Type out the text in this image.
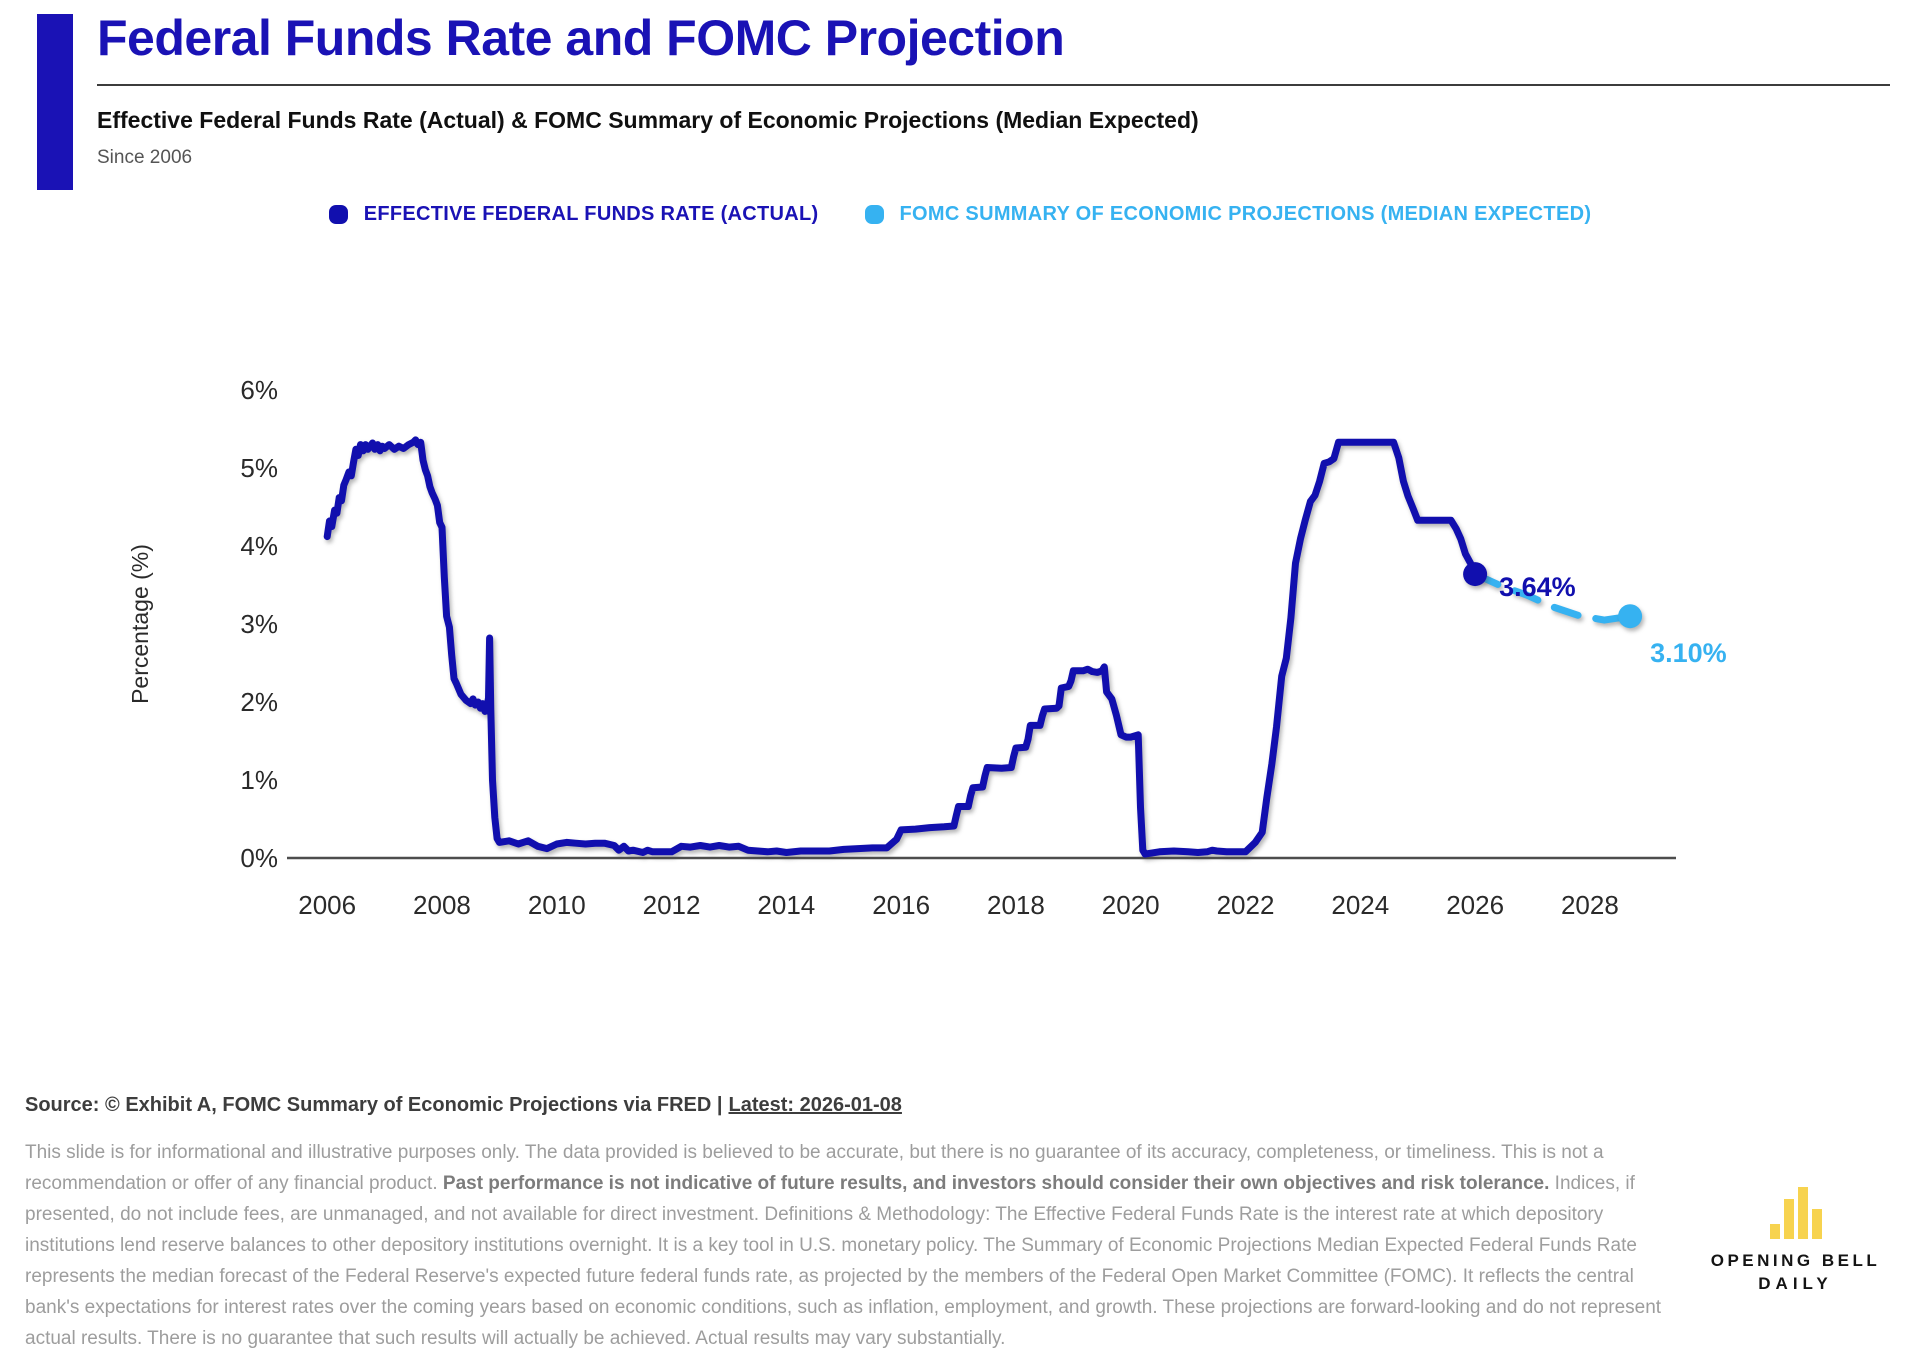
Federal Funds Rate and FOMC Projection
Effective Federal Funds Rate (Actual) & FOMC Summary of Economic Projections (Median Expected)
Since 2006
EFFECTIVE FEDERAL FUNDS RATE (ACTUAL)	FOMC SUMMARY OF ECONOMIC PROJECTIONS (MEDIAN EXPECTED)
0%
1%
2%
3%
4%
5%
6%
Percentage (%)
2006 2008 2010 2012 2014 2016 2018 2020 2022 2024 2026 2028
3.64%
3.10%
Source: © Exhibit A, FOMC Summary of Economic Projections via FRED | Latest: 2026-01-08

This slide is for informational and illustrative purposes only. The data provided is believed to be accurate, but there is no guarantee of its accuracy, completeness, or timeliness. This is not a recommendation or offer of any financial product. Past performance is not indicative of future results, and investors should consider their own objectives and risk tolerance. Indices, if presented, do not include fees, are unmanaged, and not available for direct investment. Definitions & Methodology: The Effective Federal Funds Rate is the interest rate at which depository institutions lend reserve balances to other depository institutions overnight. It is a key tool in U.S. monetary policy. The Summary of Economic Projections Median Expected Federal Funds Rate represents the median forecast of the Federal Reserve's expected future federal funds rate, as projected by the members of the Federal Open Market Committee (FOMC). It reflects the central bank's expectations for interest rates over the coming years based on economic conditions, such as inflation, employment, and growth. These projections are forward-looking and do not represent actual results. There is no guarantee that such results will actually be achieved. Actual results may vary substantially.

OPENING BELL
DAILY
